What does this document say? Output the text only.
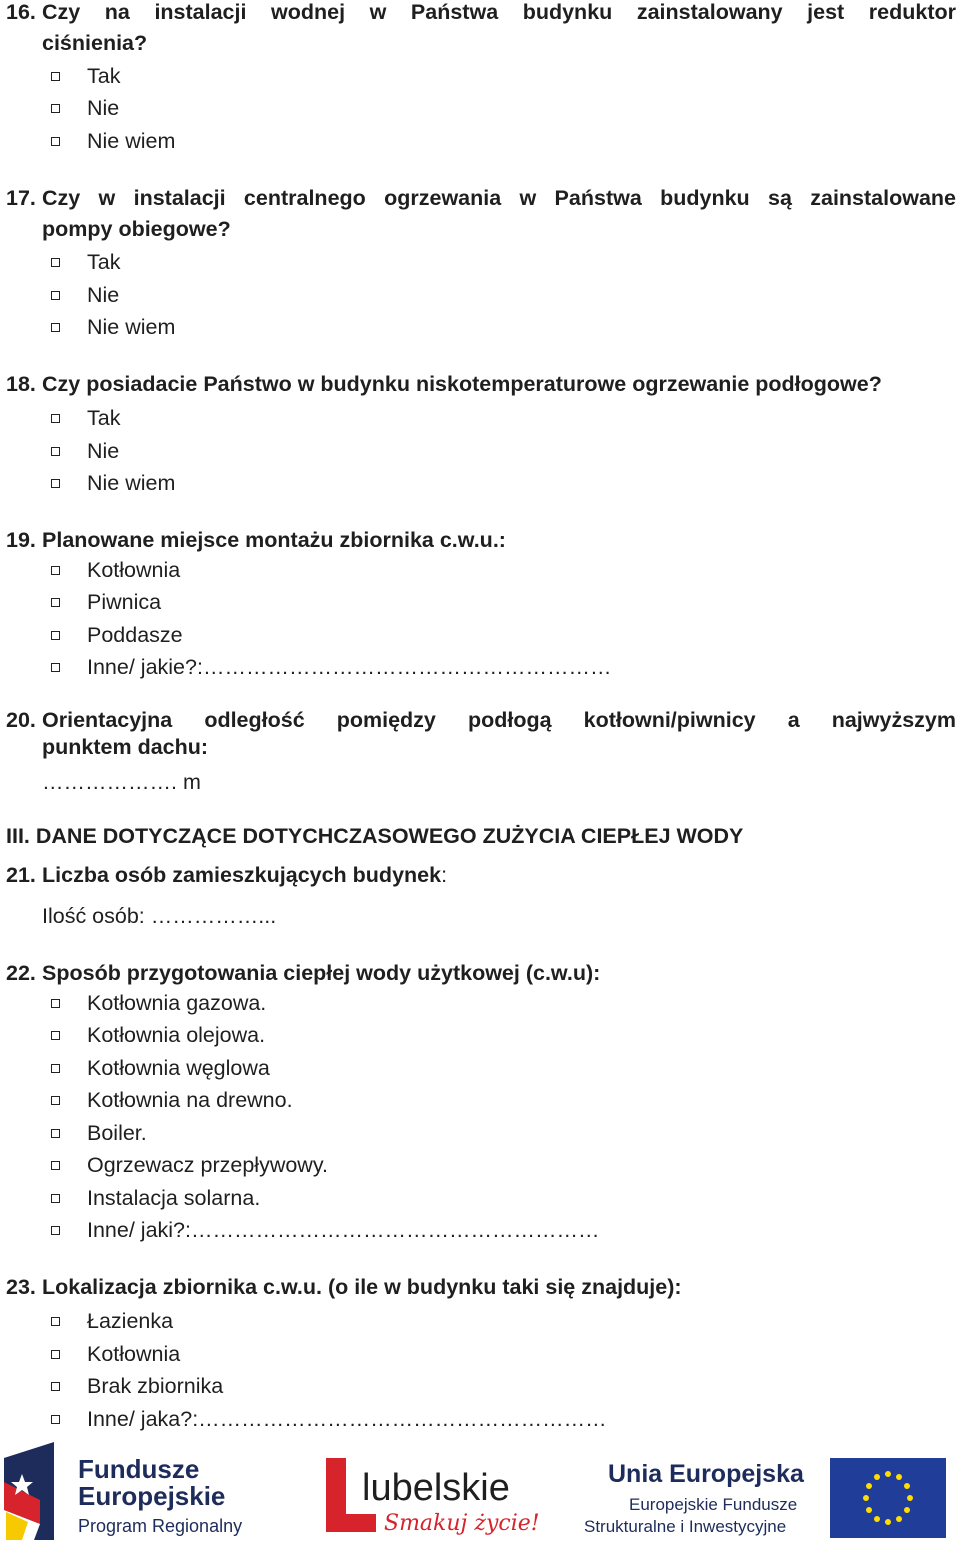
16. Czy na instalacji wodnej w Państwa budynku zainstalowany jest reduktor
ciśnienia?
Tak
Nie
Nie wiem
17. Czy w instalacji centralnego ogrzewania w Państwa budynku są zainstalowane
pompy obiegowe?
Tak
Nie
Nie wiem
18. Czy posiadacie Państwo w budynku niskotemperaturowe ogrzewanie podłogowe?
Tak
Nie
Nie wiem
19. Planowane miejsce montażu zbiornika c.w.u.:
Kotłownia
Piwnica
Poddasze
Inne/ jakie?:…………………………………………………
20. Orientacyjna odległość pomiędzy podłogą kotłowni/piwnicy a najwyższym
punktem dachu:
………………. m
III. DANE DOTYCZĄCE DOTYCHCZASOWEGO ZUŻYCIA CIEPŁEJ WODY
21. Liczba osób zamieszkujących budynek:
Ilość osób: ……………...
22. Sposób przygotowania ciepłej wody użytkowej (c.w.u):
Kotłownia gazowa.
Kotłownia olejowa.
Kotłownia węglowa
Kotłownia na drewno.
Boiler.
Ogrzewacz przepływowy.
Instalacja solarna.
Inne/ jaki?:…………………………………………………
23. Lokalizacja zbiornika c.w.u. (o ile w budynku taki się znajduje):
Łazienka
Kotłownia
Brak zbiornika
Inne/ jaka?:…………………………………………………
Fundusze
Europejskie
Program Regionalny
lubelskie
Smakuj życie!
Unia Europejska
Europejskie Fundusze
Strukturalne i Inwestycyjne
